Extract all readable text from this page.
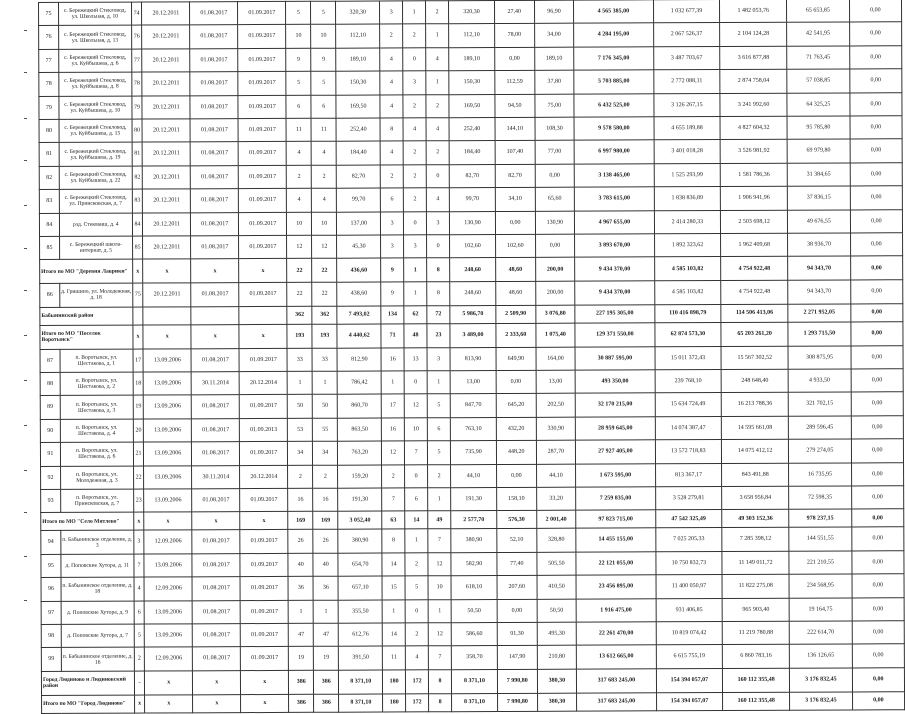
75	с. Бережецкий Стекловод, ул. Школьная, д. 10	74	20.12.2011	01.08.2017	01.09.2017	5	5	320,30	3	1	2	320,30	27,40	96,90	4 565 385,00	1 032 677,39	1 482 053,76	65 653,85	0,00
76	с. Бережецкий Стекловод, ул. Школьная, д. 13	76	20.12.2011	01.08.2017	01.09.2017	10	10	112,10	2	2	1	112,10	78,00	34,00	4 284 195,00	2 067 526,37	2 104 124,28	42 541,95	0,00
77	с. Бережецкий Стекловод, ул. Куйбышева, д. 6	77	20.12.2011	01.08.2017	01.09.2017	9	9	189,10	4	0	4	189,10	0,00	189,10	7 176 345,00	3 487 703,67	3 616 877,88	71 763,45	0,00
78	с. Бережецкий Стекловод, ул. Куйбышева, д. 8	78	20.12.2011	01.08.2017	01.09.2017	5	5	150,30	4	3	1	150,30	112,59	37,80	5 703 885,00	2 772 088,11	2 874 758,04	57 038,85	0,00
79	с. Бережецкий Стекловод, ул. Куйбышева, д. 10	79	20.12.2011	01.08.2017	01.09.2017	6	6	169,50	4	2	2	169,50	94,50	75,00	6 432 525,00	3 126 267,15	3 241 992,60	64 325,25	0,00
80	с. Бережецкий Стекловод, ул. Куйбышева, д. 15	80	20.12.2011	01.08.2017	01.09.2017	11	11	252,40	8	4	4	252,40	144,10	108,30	9 578 580,00	4 655 189,88	4 827 604,32	95 785,80	0,00
81	с. Бережецкий Стекловод, ул. Куйбышева, д. 19	81	20.12.2011	01.08.2017	01.09.2017	4	4	184,40	4	2	2	184,40	107,40	77,00	6 997 980,00	3 401 018,28	3 526 981,92	69 979,80	0,00
82	с. Бережецкий Стекловод, ул. Куйбышева, д. 22	82	20.12.2011	01.08.2017	01.09.2017	2	2	82,70	2	2	0	82,70	82,70	0,00	3 138 465,00	1 525 293,99	1 581 786,36	31 384,65	0,00
83	с. Бережецкий Стекловод, ул. Приисковская, д. 7	83	20.12.2011	01.08.2017	01.09.2017	4	4	99,70	6	2	4	99,70	34,10	65,60	3 783 615,00	1 838 836,89	1 906 941,96	37 836,15	0,00
84	рзд. Стековиш, д. 4	84	20.12.2011	01.08.2017	01.09.2017	10	10	137,00	3	0	3	130,90	0,00	130,90	4 967 655,00	2 414 280,33	2 503 698,12	49 676,55	0,00
85	с. Бережецкий школа-интернат, д. 5	85	20.12.2011	01.08.2017	01.09.2017	12	12	45,30	3	3	0	102,60	102,60	0,00	3 893 670,00	1 892 323,62	1 962 409,68	38 936,70	0,00
Итого по МО "Деревня Лаврики"		x	x	x	x	22	22	436,60	9	1	8	248,60	48,60	200,00	9 434 370,00	4 585 103,82	4 754 922,48	94 343,70	0,00
86	д. Гришино, ул. Молодежная, д. 18	75	20.12.2011	01.08.2017	01.09.2017	22	22	438,60	9	1	8	248,60	48,60	200,00	9 434 370,00	4 585 103,82	4 754 922,48	94 343,70	0,00
Бабынинский район						362	362	7 493,02	134	62	72	5 986,70	2 509,90	3 076,80	227 195 305,00	110 416 898,79	114 506 413,06	2 271 952,05	0,00
Итого по МО "Поселок Воротынск"		x	x	x	x	193	193	4 440,62	71	48	23	3 489,00	2 333,60	1 075,40	129 371 550,00	62 874 573,30	65 203 261,20	1 293 715,50	0,00
87	п. Воротынск, ул. Шестакова, д. 1	17	13.09.2006	01.08.2017	01.09.2017	33	33	812,90	16	13	3	813,90	649,90	164,00	30 887 595,00	15 011 372,43	15 567 302,52	308 875,95	0,00
88	п. Воротынск, ул. Шестакова, д. 2	18	13.09.2006	30.11.2014	20.12.2014	1	1	786,42	1	0	1	13,00	0,00	13,00	493 350,00	239 768,10	248 648,40	4 933,50	0,00
89	п. Воротынск, ул. Шестакова, д. 3	19	13.09.2006	01.08.2017	01.09.2017	50	50	860,70	17	12	5	847,70	645,20	202,50	32 170 215,00	15 634 724,49	16 213 788,36	321 702,15	0,00
90	п. Воротынск, ул. Шестакова, д. 4	20	13.09.2006	01.08.2017	01.09.2013	53	55	863,50	16	10	6	763,10	432,20	330,90	28 959 645,00	14 074 387,47	14 595 661,08	289 596,45	0,00
91	п. Воротынск, ул. Шестакова, д. 6	21	13.09.2006	01.08.2017	01.09.2017	34	34	763,20	12	7	5	735,90	448,20	287,70	27 927 405,00	13 572 718,83	14 075 412,12	279 274,05	0,00
92	п. Воротынск, ул. Молодежная, д. 3	22	13.09.2006	30.11.2014	20.12.2014	2	2	159,20	2	0	2	44,10	0,00	44,10	1 673 595,00	813 367,17	843 491,88	16 735,95	0,00
93	п. Воротынск, ул. Приисковская, д. 7	23	13.09.2006	01.08.2017	01.09.2017	16	16	191,30	7	6	1	191,30	158,10	33,20	7 259 835,00	3 528 279,81	3 658 956,84	72 598,35	0,00
Итого по МО "Село Мятлево"		x	x	x	x	169	169	3 052,40	63	14	49	2 577,70	576,30	2 001,40	97 823 715,00	47 542 325,49	49 303 152,36	978 237,15	0,00
94	п. Бабынинское отделение, д. 3	3	12.09.2006	01.08.2017	01.09.2017	26	26	380,90	8	1	7	380,90	52,10	328,80	14 455 155,00	7 025 205,33	7 285 398,12	144 551,55	0,00
95	д. Поповские Хутора, д. 11	7	13.09.2006	01.08.2017	01.09.2017	40	40	654,70	14	2	12	582,90	77,40	505,50	22 121 055,00	10 750 832,73	11 149 011,72	221 210,55	0,00
96	п. Бабынинское отделение, д. 18	4	12.09.2006	01.08.2017	01.09.2017	36	36	657,10	15	5	10	618,10	207,60	410,50	23 456 895,00	11 400 050,97	11 822 275,08	234 568,95	0,00
97	д. Поповские Хутора, д. 9	6	13.09.2006	01.08.2017	01.09.2017	1	1	355,50	1	0	1	50,50	0,00	50,50	1 916 475,00	931 406,85	965 903,40	19 164,75	0,00
98	д. Поповские Хутора, д. 7	5	13.09.2006	01.08.2017	01.09.2017	47	47	612,76	14	2	12	586,60	91,30	495,30	22 261 470,00	10 819 074,42	11 219 780,88	222 614,70	0,00
99	п. Бабынинское отделение, д. 16	2	12.09.2006	01.08.2017	01.09.2017	19	19	391,50	11	4	7	358,70	147,90	210,80	13 612 665,00	6 615 755,19	6 860 783,16	136 126,65	0,00
Город Людиново и Людиновский район		-	x	x	x	386	386	8 371,10	180	172	8	8 371,10	7 990,80	380,30	317 683 245,00	154 394 057,07	160 112 355,48	3 176 832,45	0,00
Итого по МО "Город Людиново"		x	x	x	x	386	386	8 371,10	180	172	8	8 371,10	7 990,80	380,30	317 683 245,00	154 394 057,07	160 112 355,48	3 176 832,45	0,00
